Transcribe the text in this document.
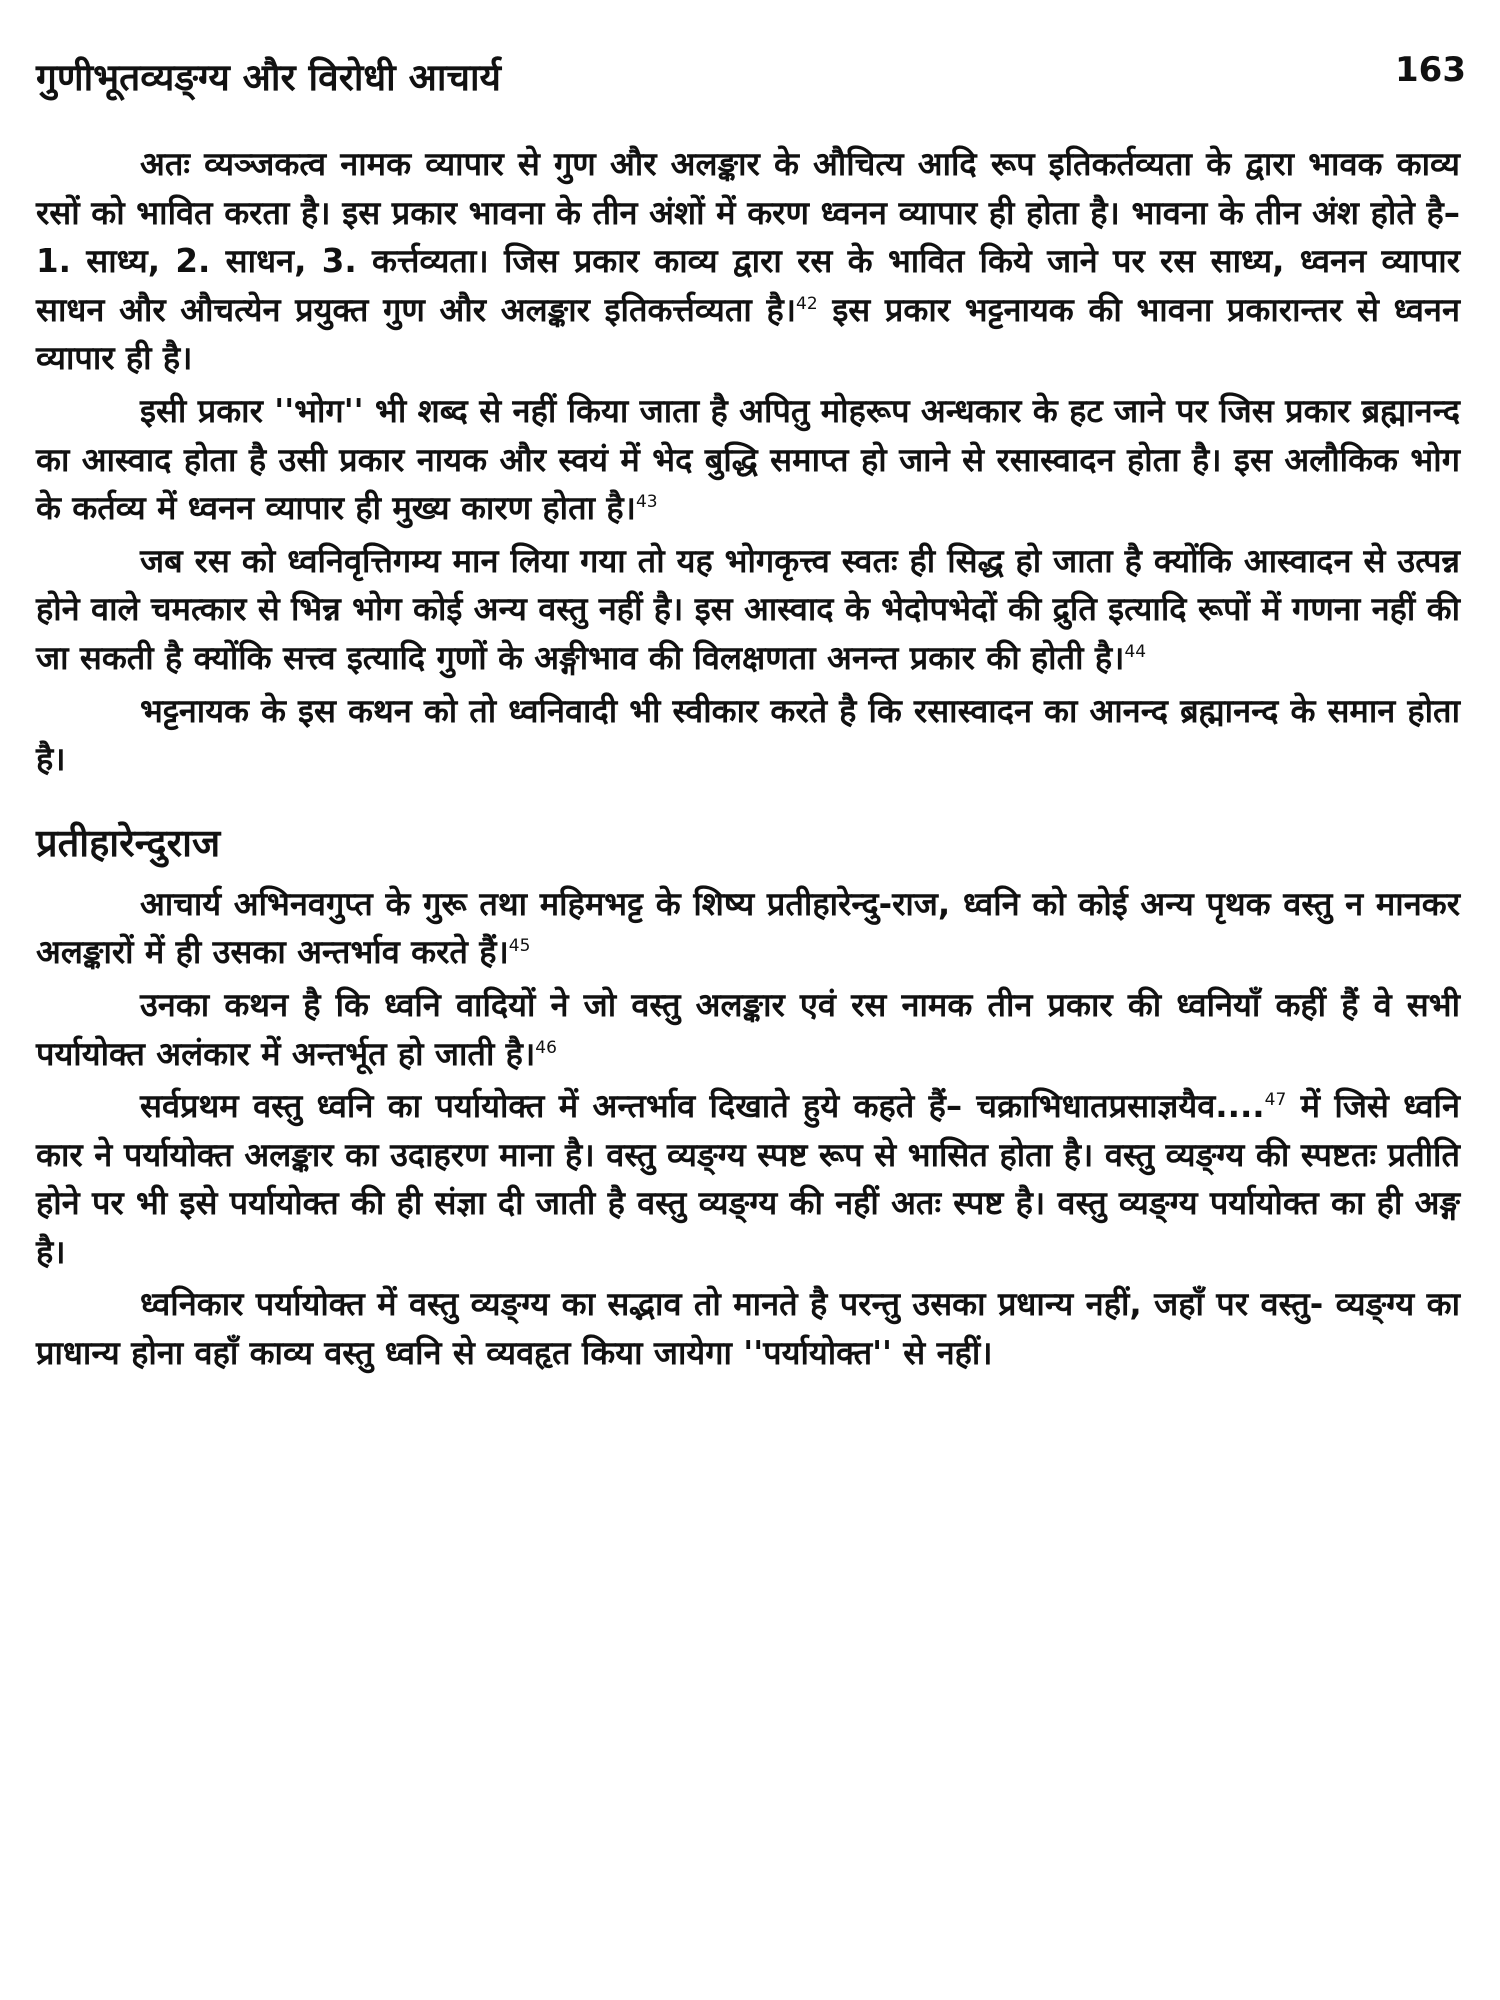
गुणीभूतव्यङ्ग्य और विरोधी आचार्य	163

अतः व्यञ्जकत्व नामक व्यापार से गुण और अलङ्कार के औचित्य आदि रूप इतिकर्तव्यता के द्वारा भावक काव्य रसों को भावित करता है। इस प्रकार भावना के तीन अंशों में करण ध्वनन व्यापार ही होता है। भावना के तीन अंश होते है– 1. साध्य, 2. साधन, 3. कर्त्तव्यता। जिस प्रकार काव्य द्वारा रस के भावित किये जाने पर रस साध्य, ध्वनन व्यापार साधन और औचत्येन प्रयुक्त गुण और अलङ्कार इतिकर्त्तव्यता है।$^{42}$ इस प्रकार भट्टनायक की भावना प्रकारान्तर से ध्वनन व्यापार ही है।

इसी प्रकार ''भोग'' भी शब्द से नहीं किया जाता है अपितु मोहरूप अन्धकार के हट जाने पर जिस प्रकार ब्रह्मानन्द का आस्वाद होता है उसी प्रकार नायक और स्वयं में भेद बुद्धि समाप्त हो जाने से रसास्वादन होता है। इस अलौकिक भोग के कर्तव्य में ध्वनन व्यापार ही मुख्य कारण होता है।$^{43}$

जब रस को ध्वनिवृत्तिगम्य मान लिया गया तो यह भोगकृत्त्व स्वतः ही सिद्ध हो जाता है क्योंकि आस्वादन से उत्पन्न होने वाले चमत्कार से भिन्न भोग कोई अन्य वस्तु नहीं है। इस आस्वाद के भेदोपभेदों की द्रुति इत्यादि रूपों में गणना नहीं की जा सकती है क्योंकि सत्त्व इत्यादि गुणों के अङ्गीभाव की विलक्षणता अनन्त प्रकार की होती है।$^{44}$

भट्टनायक के इस कथन को तो ध्वनिवादी भी स्वीकार करते है कि रसास्वादन का आनन्द ब्रह्मानन्द के समान होता है।

प्रतीहारेन्दुराज

आचार्य अभिनवगुप्त के गुरू तथा महिमभट्ट के शिष्य प्रतीहारेन्दु-राज, ध्वनि को कोई अन्य पृथक वस्तु न मानकर अलङ्कारों में ही उसका अन्तर्भाव करते हैं।$^{45}$

उनका कथन है कि ध्वनि वादियों ने जो वस्तु अलङ्कार एवं रस नामक तीन प्रकार की ध्वनियाँ कहीं हैं वे सभी पर्यायोक्त अलंकार में अन्तर्भूत हो जाती है।$^{46}$

सर्वप्रथम वस्तु ध्वनि का पर्यायोक्त में अन्तर्भाव दिखाते हुये कहते हैं– चक्राभिधातप्रसाज्ञयैव....$^{47}$ में जिसे ध्वनि कार ने पर्यायोक्त अलङ्कार का उदाहरण माना है। वस्तु व्यङ्ग्य स्पष्ट रूप से भासित होता है। वस्तु व्यङ्ग्य की स्पष्टतः प्रतीति होने पर भी इसे पर्यायोक्त की ही संज्ञा दी जाती है वस्तु व्यङ्ग्य की नहीं अतः स्पष्ट है। वस्तु व्यङ्ग्य पर्यायोक्त का ही अङ्ग है।

ध्वनिकार पर्यायोक्त में वस्तु व्यङ्ग्य का सद्भाव तो मानते है परन्तु उसका प्रधान्य नहीं, जहाँ पर वस्तु- व्यङ्ग्य का प्राधान्य होना वहाँ काव्य वस्तु ध्वनि से व्यवहृत किया जायेगा ''पर्यायोक्त'' से नहीं।
